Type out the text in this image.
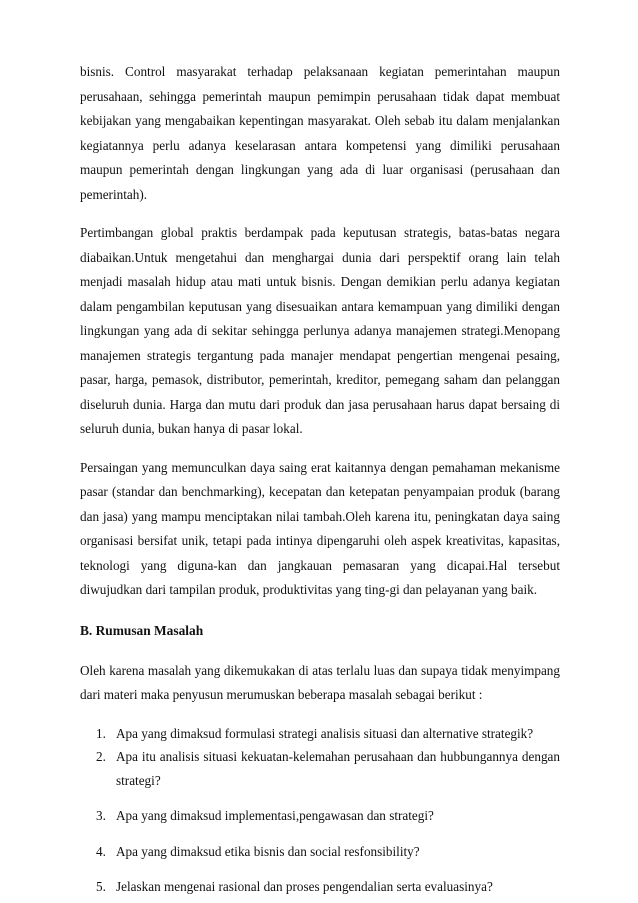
bisnis. Control masyarakat terhadap pelaksanaan kegiatan pemerintahan maupun perusahaan, sehingga pemerintah maupun pemimpin perusahaan tidak dapat membuat kebijakan yang mengabaikan kepentingan masyarakat. Oleh sebab itu dalam menjalankan kegiatannya perlu adanya keselarasan antara kompetensi yang dimiliki perusahaan maupun pemerintah dengan lingkungan yang ada di luar organisasi (perusahaan dan pemerintah).

Pertimbangan global praktis berdampak pada keputusan strategis, batas-batas negara diabaikan.Untuk mengetahui dan menghargai dunia dari perspektif orang lain telah menjadi masalah hidup atau mati untuk bisnis. Dengan demikian perlu adanya kegiatan dalam pengambilan keputusan yang disesuaikan antara kemampuan yang dimiliki dengan lingkungan yang ada di sekitar sehingga perlunya adanya manajemen strategi.Menopang manajemen strategis tergantung pada manajer mendapat pengertian mengenai pesaing, pasar, harga, pemasok, distributor, pemerintah, kreditor, pemegang saham dan pelanggan diseluruh dunia. Harga dan mutu dari produk dan jasa perusahaan harus dapat bersaing di seluruh dunia, bukan hanya di pasar lokal.

Persaingan yang memunculkan daya saing erat kaitannya dengan pemahaman mekanisme pasar (standar dan benchmarking), kecepatan dan ketepatan penyampaian produk (barang dan jasa) yang mampu menciptakan nilai tambah.Oleh karena itu, peningkatan daya saing organisasi bersifat unik, tetapi pada intinya dipengaruhi oleh aspek kreativitas, kapasitas, teknologi yang diguna-kan dan jangkauan pemasaran yang dicapai.Hal tersebut diwujudkan dari tampilan produk, produktivitas yang ting-gi dan pelayanan yang baik.

B. Rumusan Masalah

Oleh karena masalah yang dikemukakan di atas terlalu luas dan supaya tidak menyimpang dari materi maka penyusun merumuskan beberapa masalah sebagai berikut :

1. Apa yang dimaksud formulasi strategi analisis situasi dan alternative strategik?
2. Apa itu analisis situasi kekuatan-kelemahan perusahaan dan hubbungannya dengan strategi?
3. Apa yang dimaksud implementasi,pengawasan dan strategi?
4. Apa yang dimaksud etika bisnis dan social resfonsibility?
5. Jelaskan mengenai rasional dan proses pengendalian serta evaluasinya?
